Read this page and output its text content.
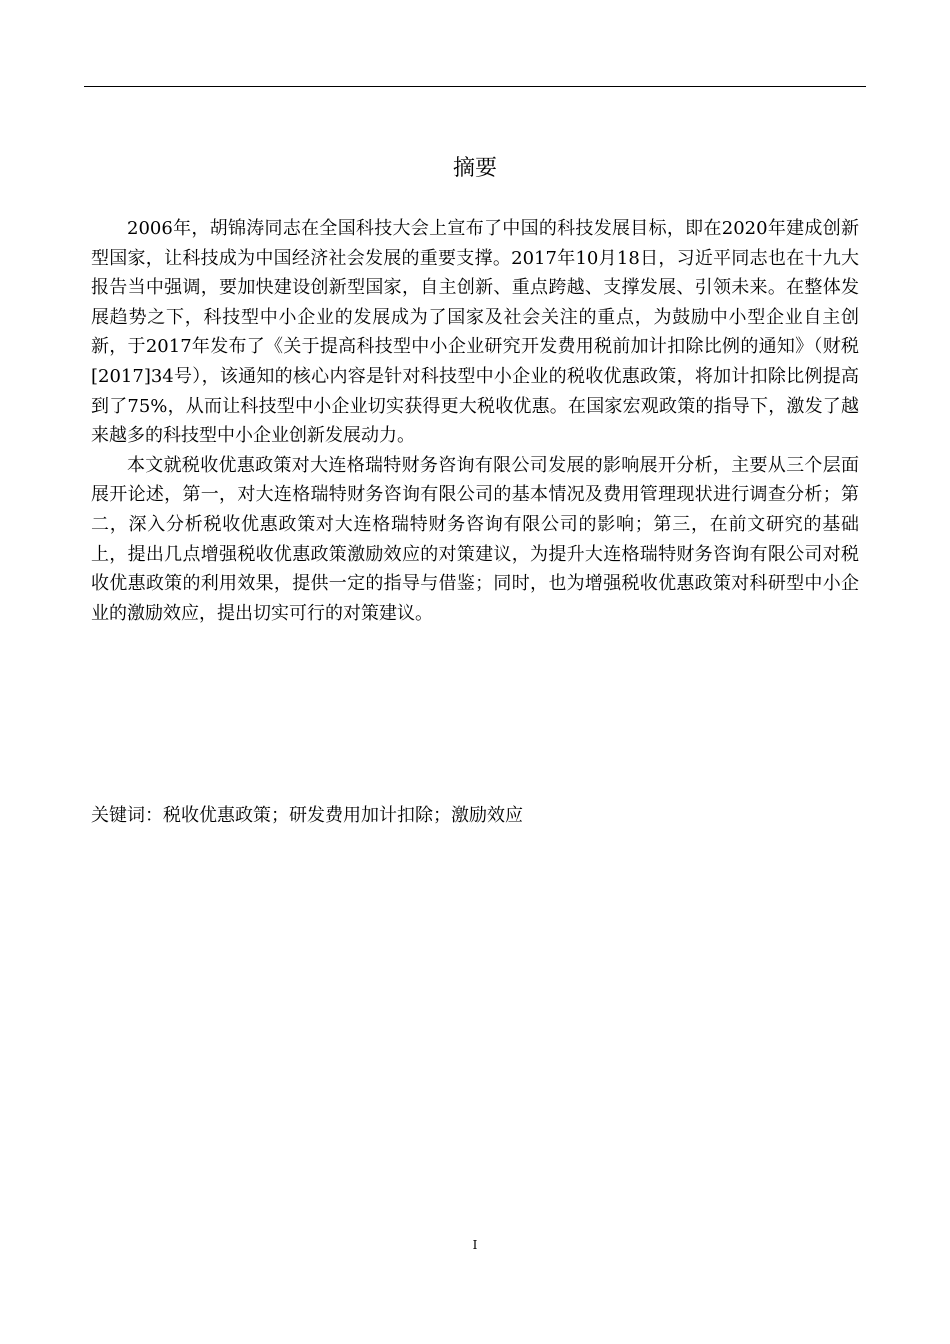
摘要

2006年，胡锦涛同志在全国科技大会上宣布了中国的科技发展目标，即在2020年建成创新型国家，让科技成为中国经济社会发展的重要支撑。2017年10月18日，习近平同志也在十九大报告当中强调，要加快建设创新型国家，自主创新、重点跨越、支撑发展、引领未来。在整体发展趋势之下，科技型中小企业的发展成为了国家及社会关注的重点，为鼓励中小型企业自主创新，于2017年发布了《关于提高科技型中小企业研究开发费用税前加计扣除比例的通知》（财税[2017]34号），该通知的核心内容是针对科技型中小企业的税收优惠政策，将加计扣除比例提高到了75%，从而让科技型中小企业切实获得更大税收优惠。在国家宏观政策的指导下，激发了越来越多的科技型中小企业创新发展动力。

本文就税收优惠政策对大连格瑞特财务咨询有限公司发展的影响展开分析，主要从三个层面展开论述，第一，对大连格瑞特财务咨询有限公司的基本情况及费用管理现状进行调查分析；第二，深入分析税收优惠政策对大连格瑞特财务咨询有限公司的影响；第三，在前文研究的基础上，提出几点增强税收优惠政策激励效应的对策建议，为提升大连格瑞特财务咨询有限公司对税收优惠政策的利用效果，提供一定的指导与借鉴；同时，也为增强税收优惠政策对科研型中小企业的激励效应，提出切实可行的对策建议。

关键词：税收优惠政策；研发费用加计扣除；激励效应

I
